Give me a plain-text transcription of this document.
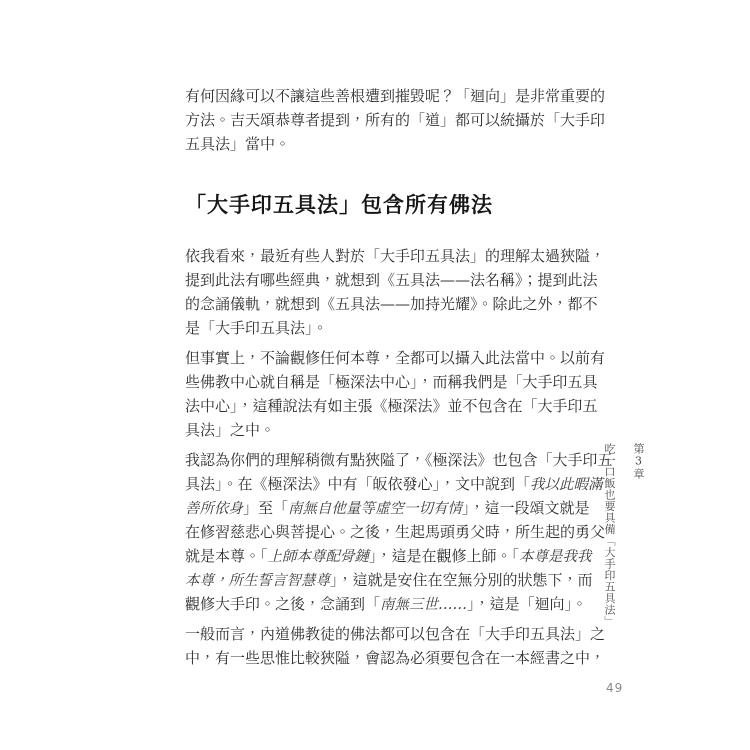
有何因緣可以不讓這些善根遭到摧毀呢？「迴向」是非常重要的
方法。吉天頌恭尊者提到，所有的「道」都可以統攝於「大手印
五具法」當中。
「大手印五具法」包含所有佛法
依我看來，最近有些人對於「大手印五具法」的理解太過狹隘，
提到此法有哪些經典，就想到《五具法——法名稱》；提到此法
的念誦儀軌，就想到《五具法——加持光耀》。除此之外，都不
是「大手印五具法」。
但事實上，不論觀修任何本尊，全都可以攝入此法當中。以前有
些佛教中心就自稱是「極深法中心」，而稱我們是「大手印五具
法中心」，這種說法有如主張《極深法》並不包含在「大手印五
具法」之中。
我認為你們的理解稍微有點狹隘了，《極深法》也包含「大手印五
具法」。在《極深法》中有「皈依發心」，文中說到「我以此暇滿
善所依身」至「南無自他量等虛空一切有情」，這一段頌文就是
在修習慈悲心與菩提心。之後，生起馬頭勇父時，所生起的勇父
就是本尊。「上師本尊配骨鏈」，這是在觀修上師。「本尊是我我
本尊，所生誓言智慧尊」，這就是安住在空無分別的狀態下，而
觀修大手印。之後，念誦到「南無三世……」，這是「迴向」。
一般而言，內道佛教徒的佛法都可以包含在「大手印五具法」之
中，有一些思惟比較狹隘，會認為必須要包含在一本經書之中，
第3章
吃一口飯也要具備「大手印五具法」
49
